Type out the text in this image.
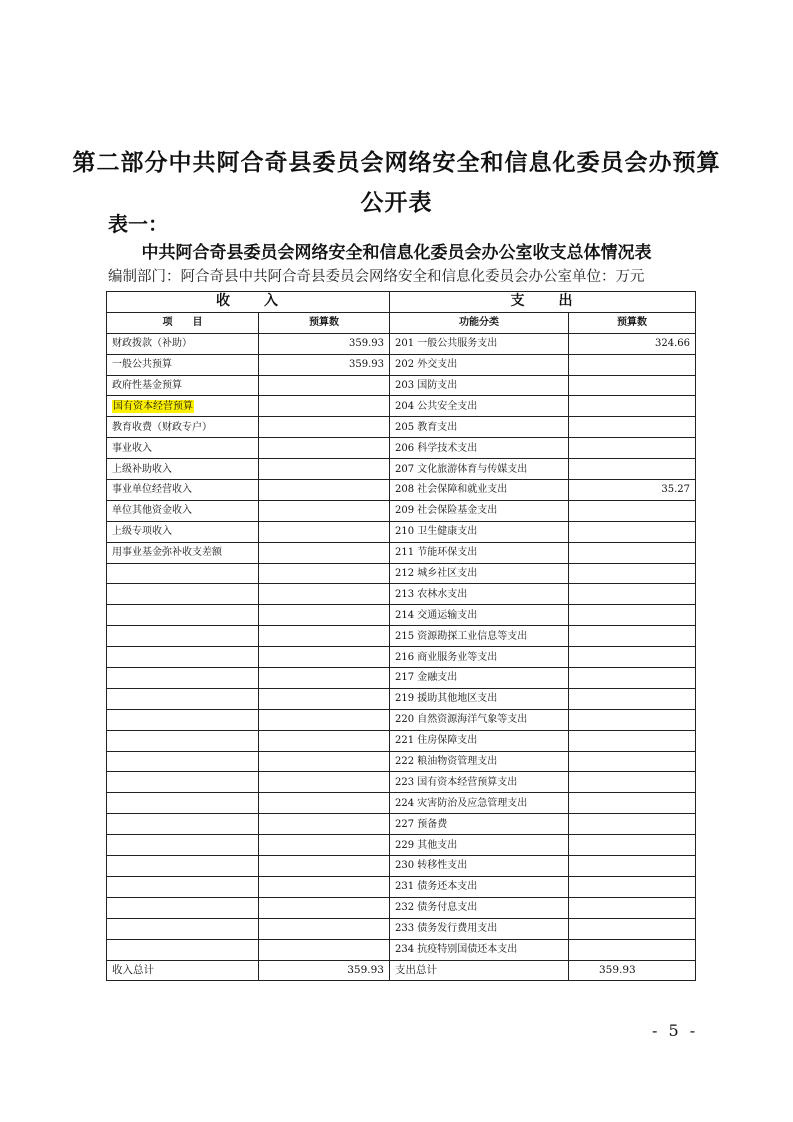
第二部分中共阿合奇县委员会网络安全和信息化委员会办预算
公开表
表一：
中共阿合奇县委员会网络安全和信息化委员会办公室收支总体情况表
编制部门：阿合奇县中共阿合奇县委员会网络安全和信息化委员会办公室单位：万元
收　　入		支　　出	
项　　目	预算数	功能分类	预算数
财政拨款（补助）	359.93	201 一般公共服务支出	324.66
一般公共预算	359.93	202 外交支出	
政府性基金预算		203 国防支出	
国有资本经营预算		204 公共安全支出	
教育收费（财政专户）		205 教育支出	
事业收入		206 科学技术支出	
上级补助收入		207 文化旅游体育与传媒支出	
事业单位经营收入		208 社会保障和就业支出	35.27
单位其他资金收入		209 社会保险基金支出	
上级专项收入		210 卫生健康支出	
用事业基金弥补收支差额		211 节能环保支出	
		212 城乡社区支出	
		213 农林水支出	
		214 交通运输支出	
		215 资源勘探工业信息等支出	
		216 商业服务业等支出	
		217 金融支出	
		219 援助其他地区支出	
		220 自然资源海洋气象等支出	
		221 住房保障支出	
		222 粮油物资管理支出	
		223 国有资本经营预算支出	
		224 灾害防治及应急管理支出	
		227 预备费	
		229 其他支出	
		230 转移性支出	
		231 债务还本支出	
		232 债务付息支出	
		233 债务发行费用支出	
		234 抗疫特别国债还本支出	
收入总计	359.93	支出总计	359.93
- 5 -
